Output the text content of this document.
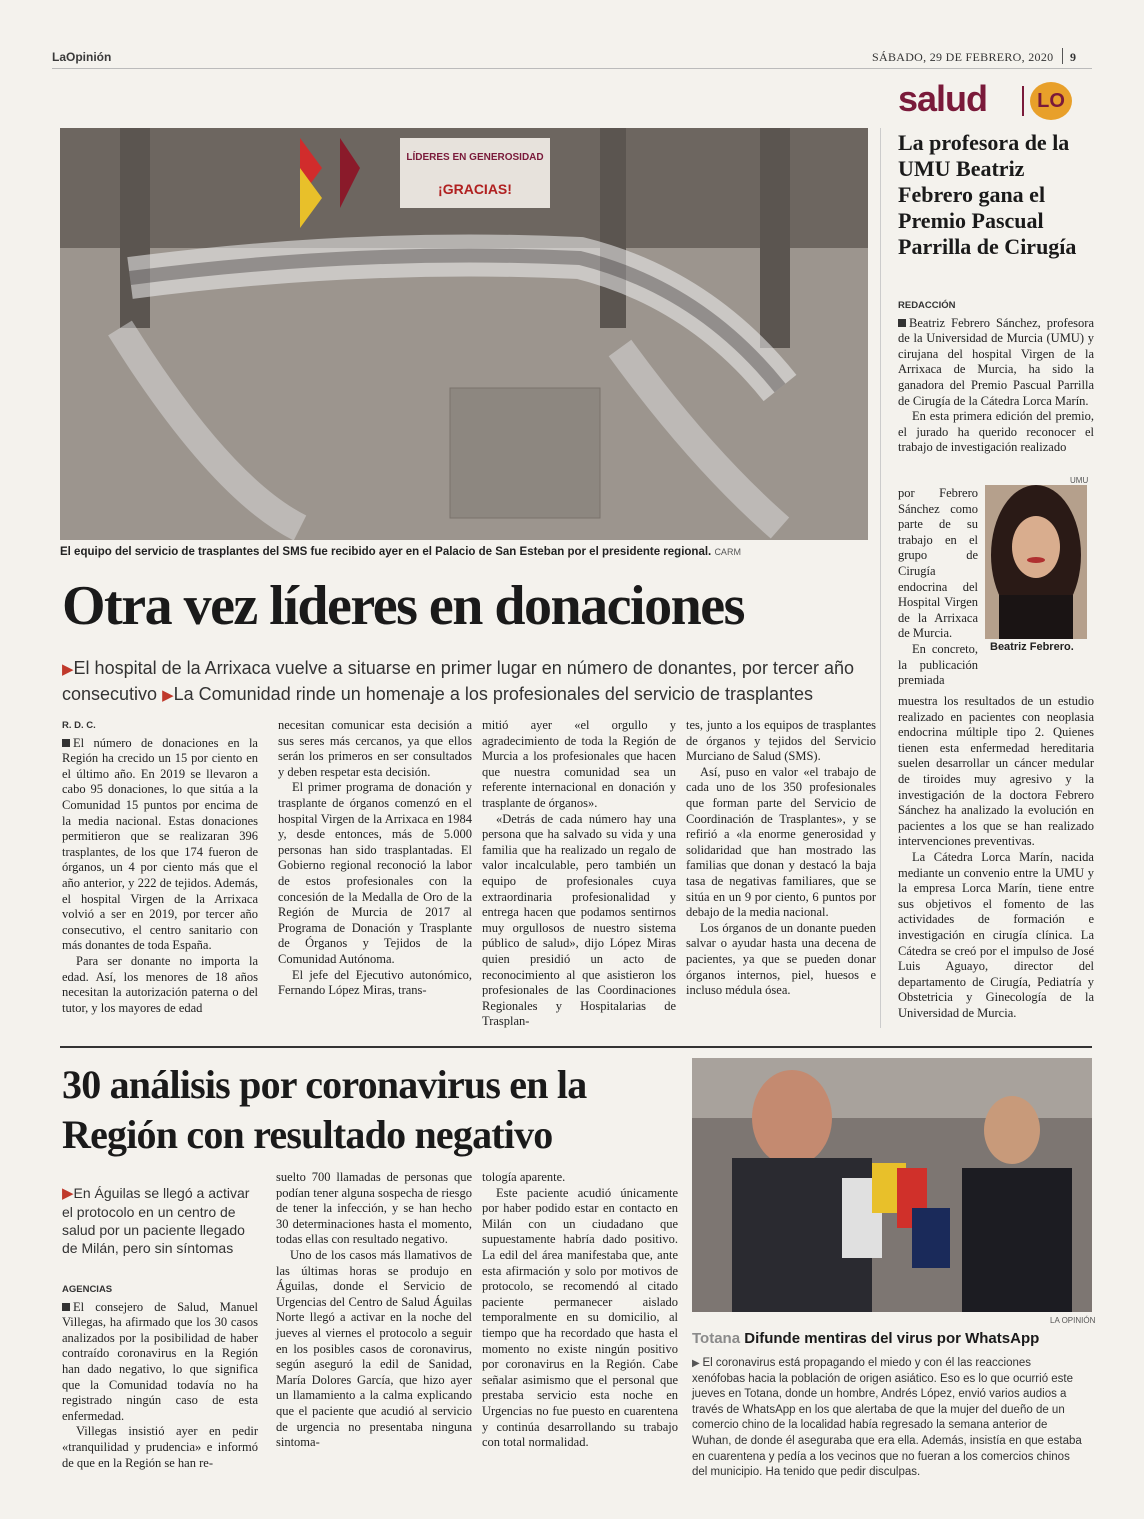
LaOpinión	SÁBADO, 29 DE FEBRERO, 2020 9
salud	LO
LÍDERES EN GENEROSIDAD
¡GRACIAS!
El equipo del servicio de trasplantes del SMS fue recibido ayer en el Palacio de San Esteban por el presidente regional. CARM
Otra vez líderes en donaciones
▶El hospital de la Arrixaca vuelve a situarse en primer lugar en número de donantes, por tercer año consecutivo ▶La Comunidad rinde un homenaje a los profesionales del servicio de trasplantes
R. D. C.

El número de donaciones en la Región ha crecido un 15 por ciento en el último año. En 2019 se llevaron a cabo 95 donaciones, lo que sitúa a la Comunidad 15 puntos por encima de la media nacional. Estas donaciones permitieron que se realizaran 396 trasplantes, de los que 174 fueron de órganos, un 4 por ciento más que el año anterior, y 222 de tejidos. Además, el hospital Virgen de la Arrixaca volvió a ser en 2019, por tercer año consecutivo, el centro sanitario con más donantes de toda España.

Para ser donante no importa la edad. Así, los menores de 18 años necesitan la autorización paterna o del tutor, y los mayores de edad

necesitan comunicar esta decisión a sus seres más cercanos, ya que ellos serán los primeros en ser consultados y deben respetar esta decisión.

El primer programa de donación y trasplante de órganos comenzó en el hospital Virgen de la Arrixaca en 1984 y, desde entonces, más de 5.000 personas han sido trasplantadas. El Gobierno regional reconoció la labor de estos profesionales con la concesión de la Medalla de Oro de la Región de Murcia de 2017 al Programa de Donación y Trasplante de Órganos y Tejidos de la Comunidad Autónoma.

El jefe del Ejecutivo autonómico, Fernando López Miras, trans-

mitió ayer «el orgullo y agradecimiento de toda la Región de Murcia a los profesionales que hacen que nuestra comunidad sea un referente internacional en donación y trasplante de órganos».

«Detrás de cada número hay una persona que ha salvado su vida y una familia que ha realizado un regalo de valor incalculable, pero también un equipo de profesionales cuya extraordinaria profesionalidad y entrega hacen que podamos sentirnos muy orgullosos de nuestro sistema público de salud», dijo López Miras quien presidió un acto de reconocimiento al que asistieron los profesionales de las Coordinaciones Regionales y Hospitalarias de Trasplan-

tes, junto a los equipos de trasplantes de órganos y tejidos del Servicio Murciano de Salud (SMS).

Así, puso en valor «el trabajo de cada uno de los 350 profesionales que forman parte del Servicio de Coordinación de Trasplantes», y se refirió a «la enorme generosidad y solidaridad que han mostrado las familias que donan y destacó la baja tasa de negativas familiares, que se sitúa en un 9 por ciento, 6 puntos por debajo de la media nacional.

Los órganos de un donante pueden salvar o ayudar hasta una decena de pacientes, ya que se pueden donar órganos internos, piel, huesos e incluso médula ósea.

La profesora de la UMU Beatriz Febrero gana el Premio Pascual Parrilla de Cirugía
REDACCIÓN

Beatriz Febrero Sánchez, profesora de la Universidad de Murcia (UMU) y cirujana del hospital Virgen de la Arrixaca de Murcia, ha sido la ganadora del Premio Pascual Parrilla de Cirugía de la Cátedra Lorca Marín.

En esta primera edición del premio, el jurado ha querido reconocer el trabajo de investigación realizado

por Febrero Sánchez como parte de su trabajo en el grupo de Cirugía endocrina del Hospital Virgen de la Arrixaca de Murcia.

En concreto, la publicación premiada

UMU
Beatriz Febrero.

muestra los resultados de un estudio realizado en pacientes con neoplasia endocrina múltiple tipo 2. Quienes tienen esta enfermedad hereditaria suelen desarrollar un cáncer medular de tiroides muy agresivo y la investigación de la doctora Febrero Sánchez ha analizado la evolución en pacientes a los que se han realizado intervenciones preventivas.

La Cátedra Lorca Marín, nacida mediante un convenio entre la UMU y la empresa Lorca Marín, tiene entre sus objetivos el fomento de las actividades de formación e investigación en cirugía clínica. La Cátedra se creó por el impulso de José Luis Aguayo, director del departamento de Cirugía, Pediatría y Obstetricia y Ginecología de la Universidad de Murcia.

30 análisis por coronavirus en la Región con resultado negativo
▶En Águilas se llegó a activar el protocolo en un centro de salud por un paciente llegado de Milán, pero sin síntomas
AGENCIAS

El consejero de Salud, Manuel Villegas, ha afirmado que los 30 casos analizados por la posibilidad de haber contraído coronavirus en la Región han dado negativo, lo que significa que la Comunidad todavía no ha registrado ningún caso de esta enfermedad.

Villegas insistió ayer en pedir «tranquilidad y prudencia» e informó de que en la Región se han re-

suelto 700 llamadas de personas que podían tener alguna sospecha de riesgo de tener la infección, y se han hecho 30 determinaciones hasta el momento, todas ellas con resultado negativo.

Uno de los casos más llamativos de las últimas horas se produjo en Águilas, donde el Servicio de Urgencias del Centro de Salud Águilas Norte llegó a activar en la noche del jueves al viernes el protocolo a seguir en los posibles casos de coronavirus, según aseguró la edil de Sanidad, María Dolores García, que hizo ayer un llamamiento a la calma explicando que el paciente que acudió al servicio de urgencia no presentaba ninguna sintoma-

tología aparente.

Este paciente acudió únicamente por haber podido estar en contacto en Milán con un ciudadano que supuestamente habría dado positivo. La edil del área manifestaba que, ante esta afirmación y solo por motivos de protocolo, se recomendó al citado paciente permanecer aislado temporalmente en su domicilio, al tiempo que ha recordado que hasta el momento no existe ningún positivo por coronavirus en la Región. Cabe señalar asimismo que el personal que prestaba servicio esta noche en Urgencias no fue puesto en cuarentena y continúa desarrollando su trabajo con total normalidad.

LA OPINIÓN
Totana Difunde mentiras del virus por WhatsApp
▶ El coronavirus está propagando el miedo y con él las reacciones xenófobas hacia la población de origen asiático. Eso es lo que ocurrió este jueves en Totana, donde un hombre, Andrés López, envió varios audios a través de WhatsApp en los que alertaba de que la mujer del dueño de un comercio chino de la localidad había regresado la semana anterior de Wuhan, de donde él aseguraba que era ella. Además, insistía en que estaba en cuarentena y pedía a los vecinos que no fueran a los comercios chinos del municipio. Ha tenido que pedir disculpas.
